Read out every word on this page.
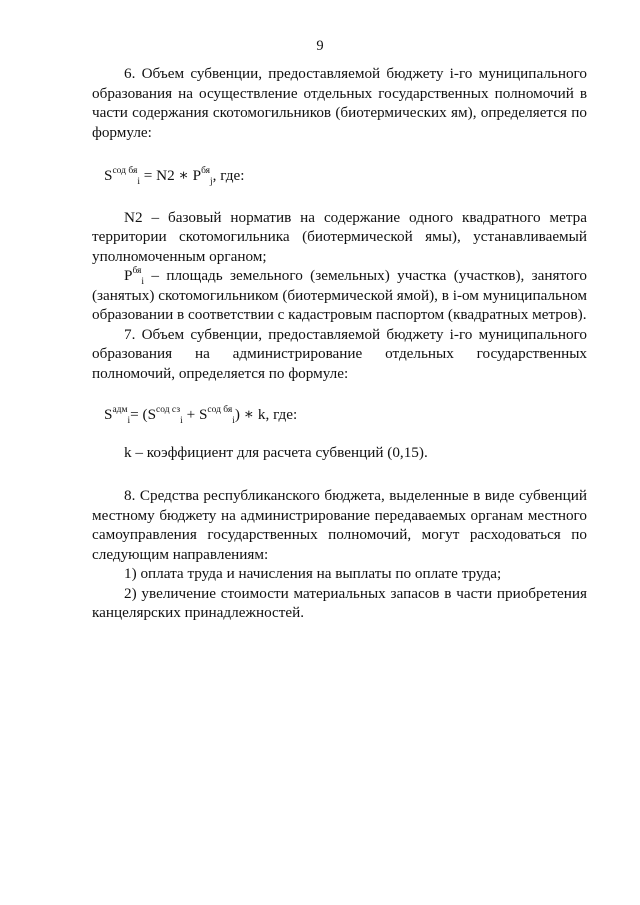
9

6. Объем субвенции, предоставляемой бюджету i-го муниципального образования на осуществление отдельных государственных полномочий в части содержания скотомогильников (биотермических ям), определяется по формуле:

$S^{сод бя}_i = N2$ ∗ $P^{бя}_j$, где:

N2 – базовый норматив на содержание одного квадратного метра территории скотомогильника (биотермической ямы), устанавливаемый уполномоченным органом;

$P^{бя}_i$ – площадь земельного (земельных) участка (участков), занятого (занятых) скотомогильником (биотермической ямой), в i-ом муниципальном образовании в соответствии с кадастровым паспортом (квадратных метров).

7. Объем субвенции, предоставляемой бюджету i-го муниципального образования на администрирование отдельных государственных полномочий, определяется по формуле:

$S^{адм}_i= (S^{сод сз}_i + S^{сод бя}_i)$ ∗ k, где:

k – коэффициент для расчета субвенций (0,15).

8. Средства республиканского бюджета, выделенные в виде субвенций местному бюджету на администрирование передаваемых органам местного самоуправления государственных полномочий, могут расходоваться по следующим направлениям:

1) оплата труда и начисления на выплаты по оплате труда;

2) увеличение стоимости материальных запасов в части приобретения канцелярских принадлежностей.
